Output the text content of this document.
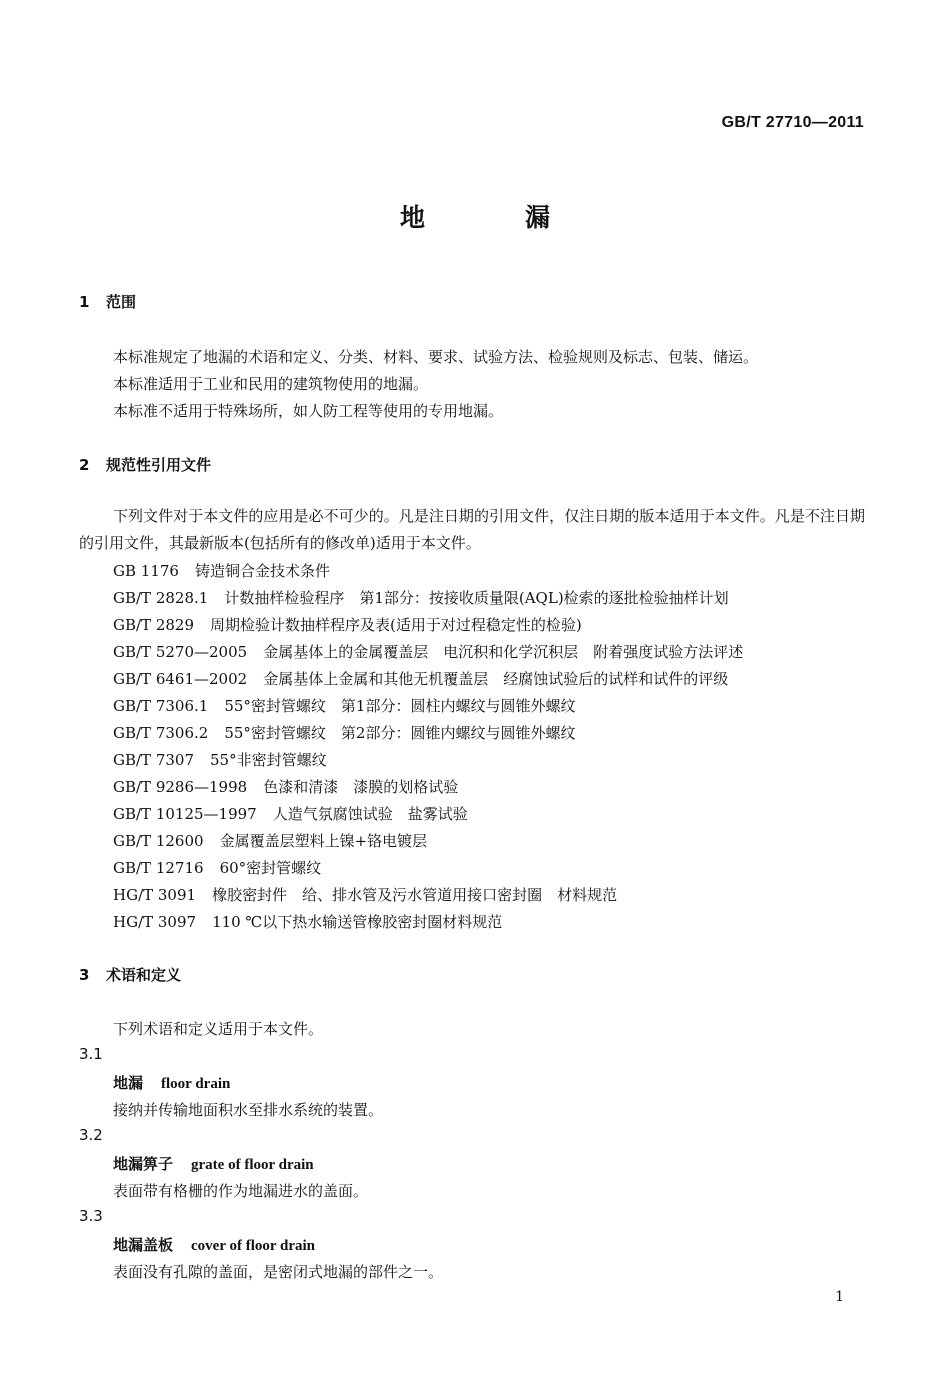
GB/T 27710—2011
地漏
1 范围
本标准规定了地漏的术语和定义、分类、材料、要求、试验方法、检验规则及标志、包装、储运。
本标准适用于工业和民用的建筑物使用的地漏。
本标准不适用于特殊场所，如人防工程等使用的专用地漏。
2 规范性引用文件
下列文件对于本文件的应用是必不可少的。凡是注日期的引用文件，仅注日期的版本适用于本文件。凡是不注日期的引用文件，其最新版本(包括所有的修改单)适用于本文件。
GB 1176 铸造铜合金技术条件
GB/T 2828.1 计数抽样检验程序　第1部分：按接收质量限(AQL)检索的逐批检验抽样计划
GB/T 2829 周期检验计数抽样程序及表(适用于对过程稳定性的检验)
GB/T 5270—2005 金属基体上的金属覆盖层　电沉积和化学沉积层　附着强度试验方法评述
GB/T 6461—2002 金属基体上金属和其他无机覆盖层　经腐蚀试验后的试样和试件的评级
GB/T 7306.1 55°密封管螺纹　第1部分：圆柱内螺纹与圆锥外螺纹
GB/T 7306.2 55°密封管螺纹　第2部分：圆锥内螺纹与圆锥外螺纹
GB/T 7307 55°非密封管螺纹
GB/T 9286—1998 色漆和清漆　漆膜的划格试验
GB/T 10125—1997 人造气氛腐蚀试验　盐雾试验
GB/T 12600 金属覆盖层塑料上镍+铬电镀层
GB/T 12716 60°密封管螺纹
HG/T 3091 橡胶密封件　给、排水管及污水管道用接口密封圈　材料规范
HG/T 3097 110 ℃以下热水输送管橡胶密封圈材料规范
3 术语和定义
下列术语和定义适用于本文件。
3.1
地漏 floor drain
接纳并传输地面积水至排水系统的装置。
3.2
地漏箅子 grate of floor drain
表面带有格栅的作为地漏进水的盖面。
3.3
地漏盖板 cover of floor drain
表面没有孔隙的盖面，是密闭式地漏的部件之一。
1
